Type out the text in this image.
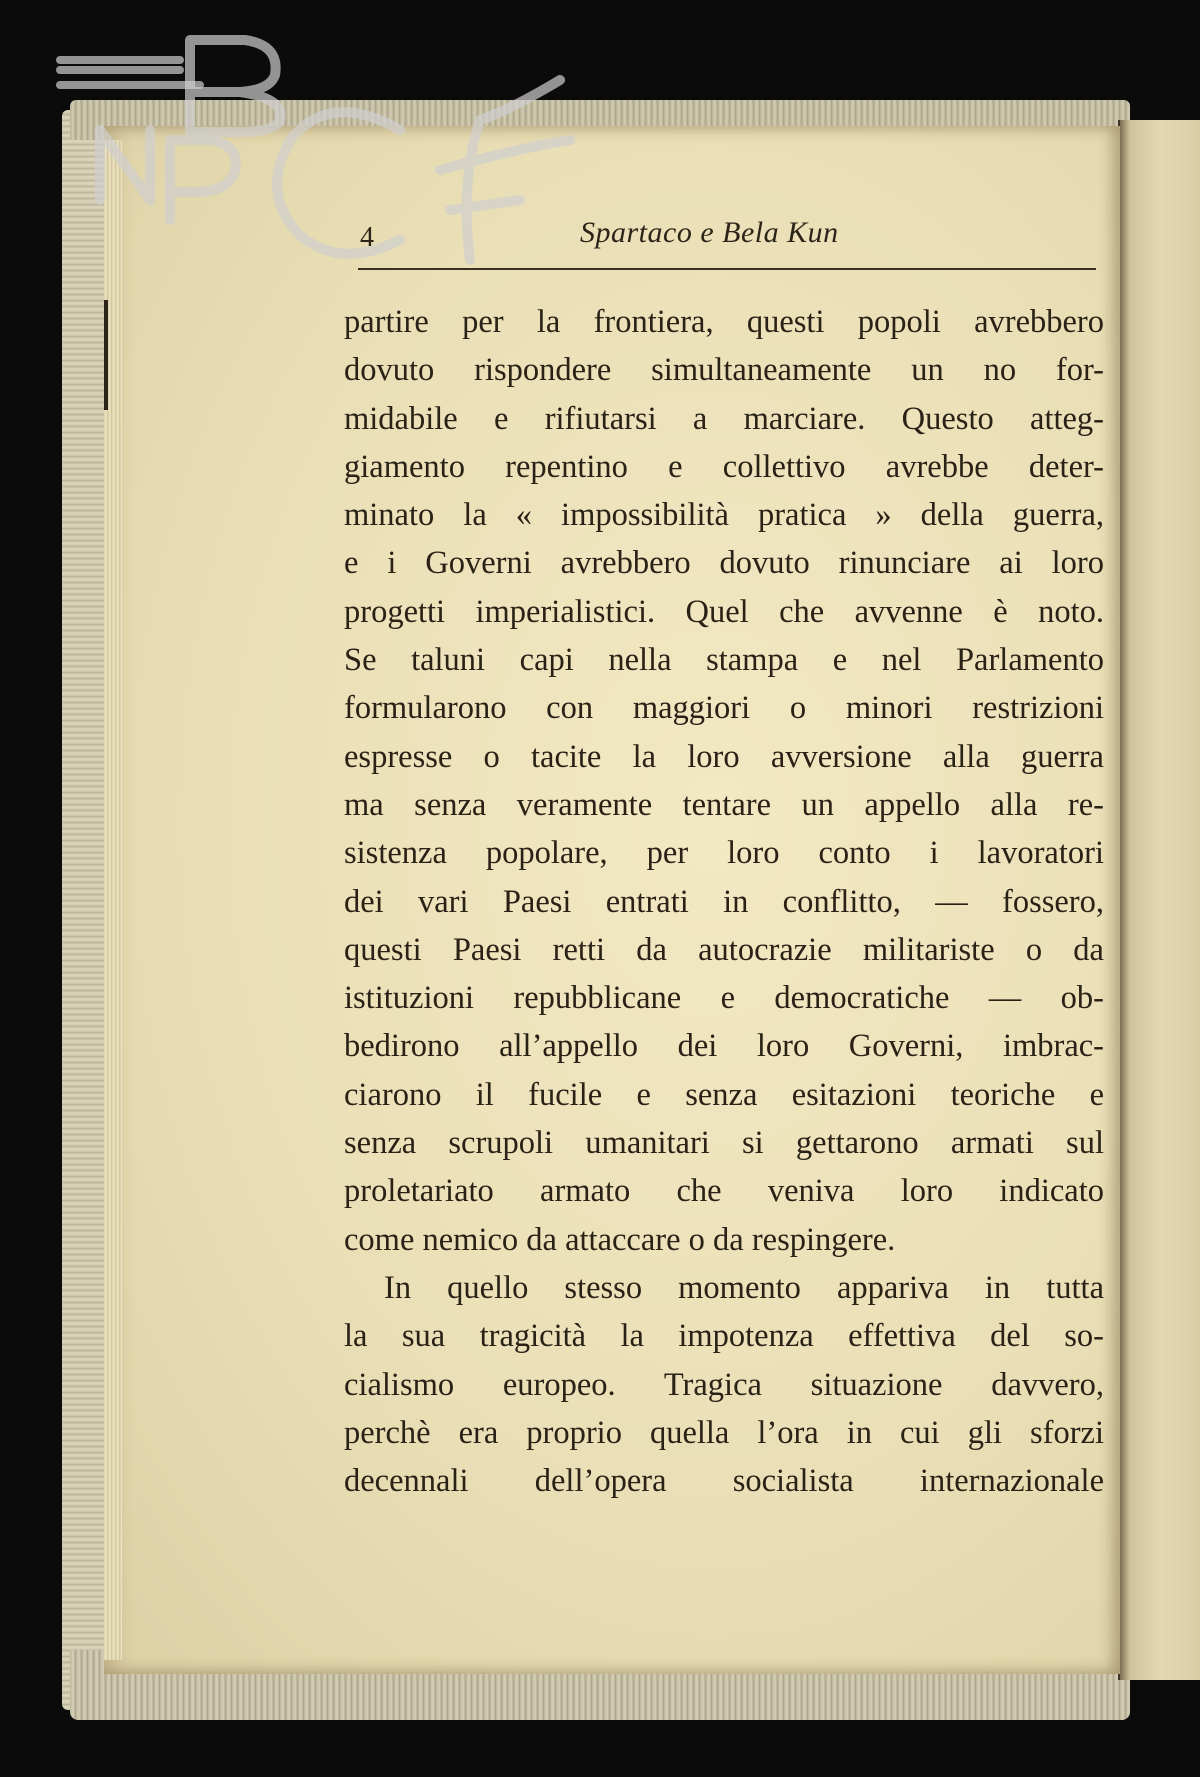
4	Spartaco e Bela Kun
partire per la frontiera, questi popoli avrebbero
dovuto rispondere simultaneamente un no for-
midabile e rifiutarsi a marciare. Questo atteg-
giamento repentino e collettivo avrebbe deter-
minato la « impossibilità pratica » della guerra,
e i Governi avrebbero dovuto rinunciare ai loro
progetti imperialistici. Quel che avvenne è noto.
Se taluni capi nella stampa e nel Parlamento
formularono con maggiori o minori restrizioni
espresse o tacite la loro avversione alla guerra
ma senza veramente tentare un appello alla re-
sistenza popolare, per loro conto i lavoratori
dei vari Paesi entrati in conflitto, — fossero,
questi Paesi retti da autocrazie militariste o da
istituzioni repubblicane e democratiche — ob-
bedirono all’appello dei loro Governi, imbrac-
ciarono il fucile e senza esitazioni teoriche e
senza scrupoli umanitari si gettarono armati sul
proletariato armato che veniva loro indicato
come nemico da attaccare o da respingere.
In quello stesso momento appariva in tutta
la sua tragicità la impotenza effettiva del so-
cialismo europeo. Tragica situazione davvero,
perchè era proprio quella l’ora in cui gli sforzi
decennali dell’opera socialista internazionale
